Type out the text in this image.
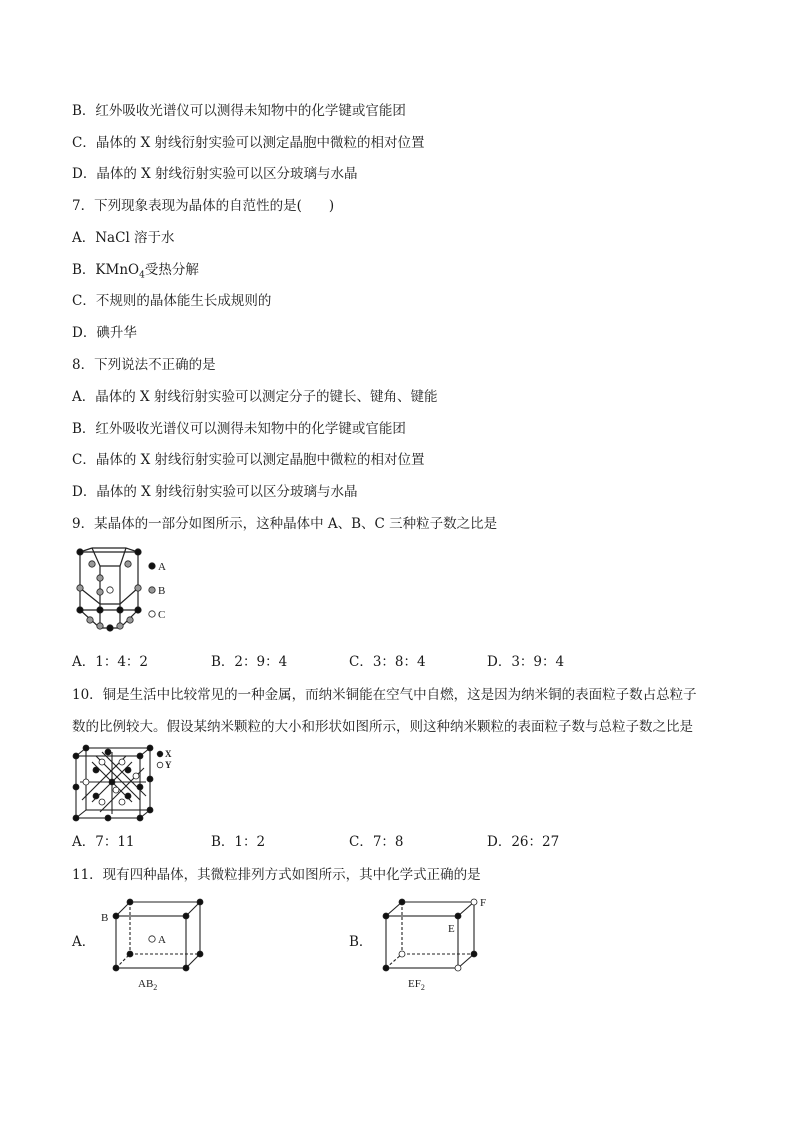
B．红外吸收光谱仪可以测得未知物中的化学键或官能团
C．晶体的 X 射线衍射实验可以测定晶胞中微粒的相对位置
D．晶体的 X 射线衍射实验可以区分玻璃与水晶
7．下列现象表现为晶体的自范性的是(　　)
A．NaCl 溶于水
B．KMnO$_4$受热分解
C．不规则的晶体能生长成规则的
D．碘升华
8．下列说法不正确的是
A．晶体的 X 射线衍射实验可以测定分子的键长、键角、键能
B．红外吸收光谱仪可以测得未知物中的化学键或官能团
C．晶体的 X 射线衍射实验可以测定晶胞中微粒的相对位置
D．晶体的 X 射线衍射实验可以区分玻璃与水晶
9．某晶体的一部分如图所示，这种晶体中 A、B、C 三种粒子数之比是
A
B
C
A．1：4：2	B．2：9：4	C．3：8：4	D．3：9：4
10．铜是生活中比较常见的一种金属，而纳米铜能在空气中自燃，这是因为纳米铜的表面粒子数占总粒子
数的比例较大。假设某纳米颗粒的大小和形状如图所示，则这种纳米颗粒的表面粒子数与总粒子数之比是
X
Y
A．7：11	B．1：2	C．7：8	D．26：27
11．现有四种晶体，其微粒排列方式如图所示，其中化学式正确的是
A．
B
A
$AB_2$
B．
F
E
$EF_2$
